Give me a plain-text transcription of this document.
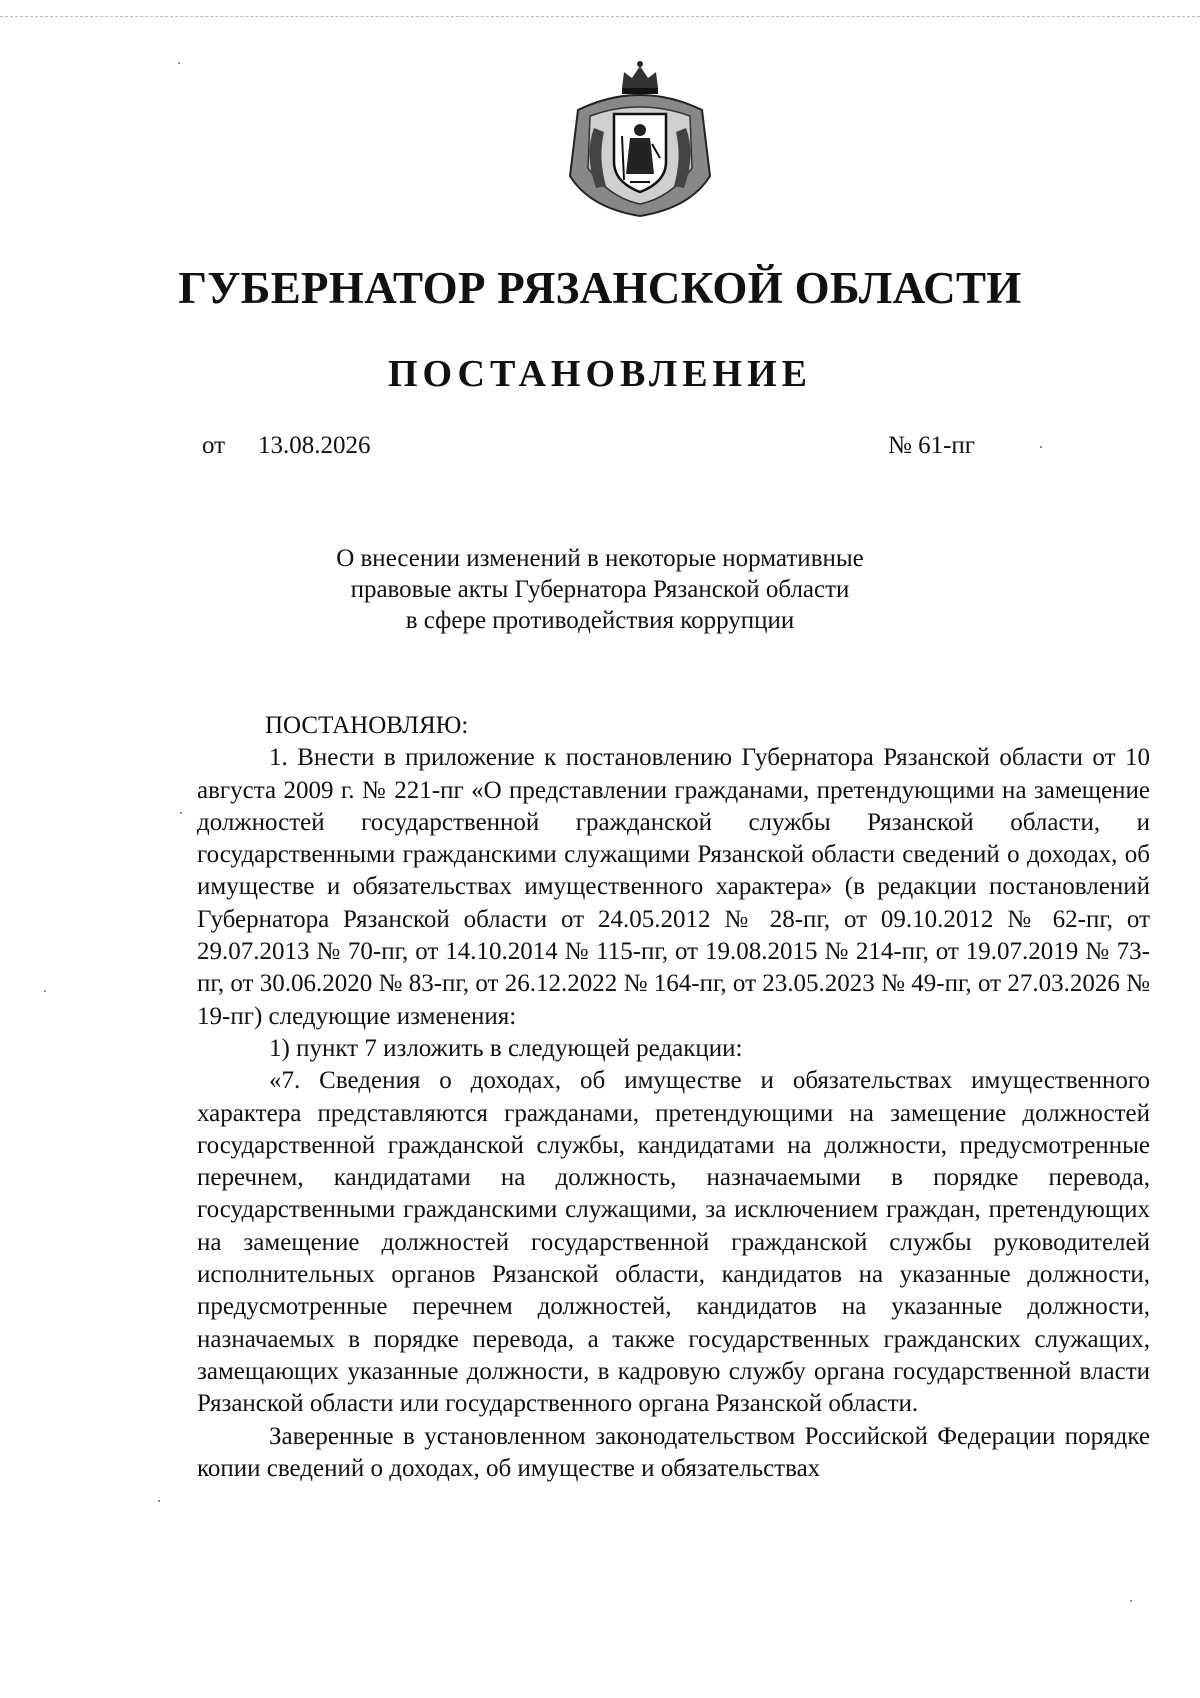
ГУБЕРНАТОР РЯЗАНСКОЙ ОБЛАСТИ
ПОСТАНОВЛЕНИЕ
от 13.08.2026	№ 61-пг
О внесении изменений в некоторые нормативные
правовые акты Губернатора Рязанской области
в сфере противодействия коррупции

ПОСТАНОВЛЯЮ:

1. Внести в приложение к постановлению Губернатора Рязанской области от 10 августа 2009 г. № 221-пг «О представлении гражданами, претендующими на замещение должностей государственной гражданской службы Рязанской области, и государственными гражданскими служащими Рязанской области сведений о доходах, об имуществе и обязательствах имущественного характера» (в редакции постановлений Губернатора Рязанской области от 24.05.2012 № 28-пг, от 09.10.2012 № 62-пг, от 29.07.2013 № 70-пг, от 14.10.2014 № 115-пг, от 19.08.2015 № 214-пг, от 19.07.2019 № 73-пг, от 30.06.2020 № 83-пг, от 26.12.2022 № 164-пг, от 23.05.2023 № 49-пг, от 27.03.2026 № 19-пг) следующие изменения:

1) пункт 7 изложить в следующей редакции:

«7. Сведения о доходах, об имуществе и обязательствах имущественного характера представляются гражданами, претендующими на замещение должностей государственной гражданской службы, кандидатами на должности, предусмотренные перечнем, кандидатами на должность, назначаемыми в порядке перевода, государственными гражданскими служащими, за исключением граждан, претендующих на замещение должностей государственной гражданской службы руководителей исполнительных органов Рязанской области, кандидатов на указанные должности, предусмотренные перечнем должностей, кандидатов на указанные должности, назначаемых в порядке перевода, а также государственных гражданских служащих, замещающих указанные должности, в кадровую службу органа государственной власти Рязанской области или государственного органа Рязанской области.

Заверенные в установленном законодательством Российской Федерации порядке копии сведений о доходах, об имуществе и обязательствах
